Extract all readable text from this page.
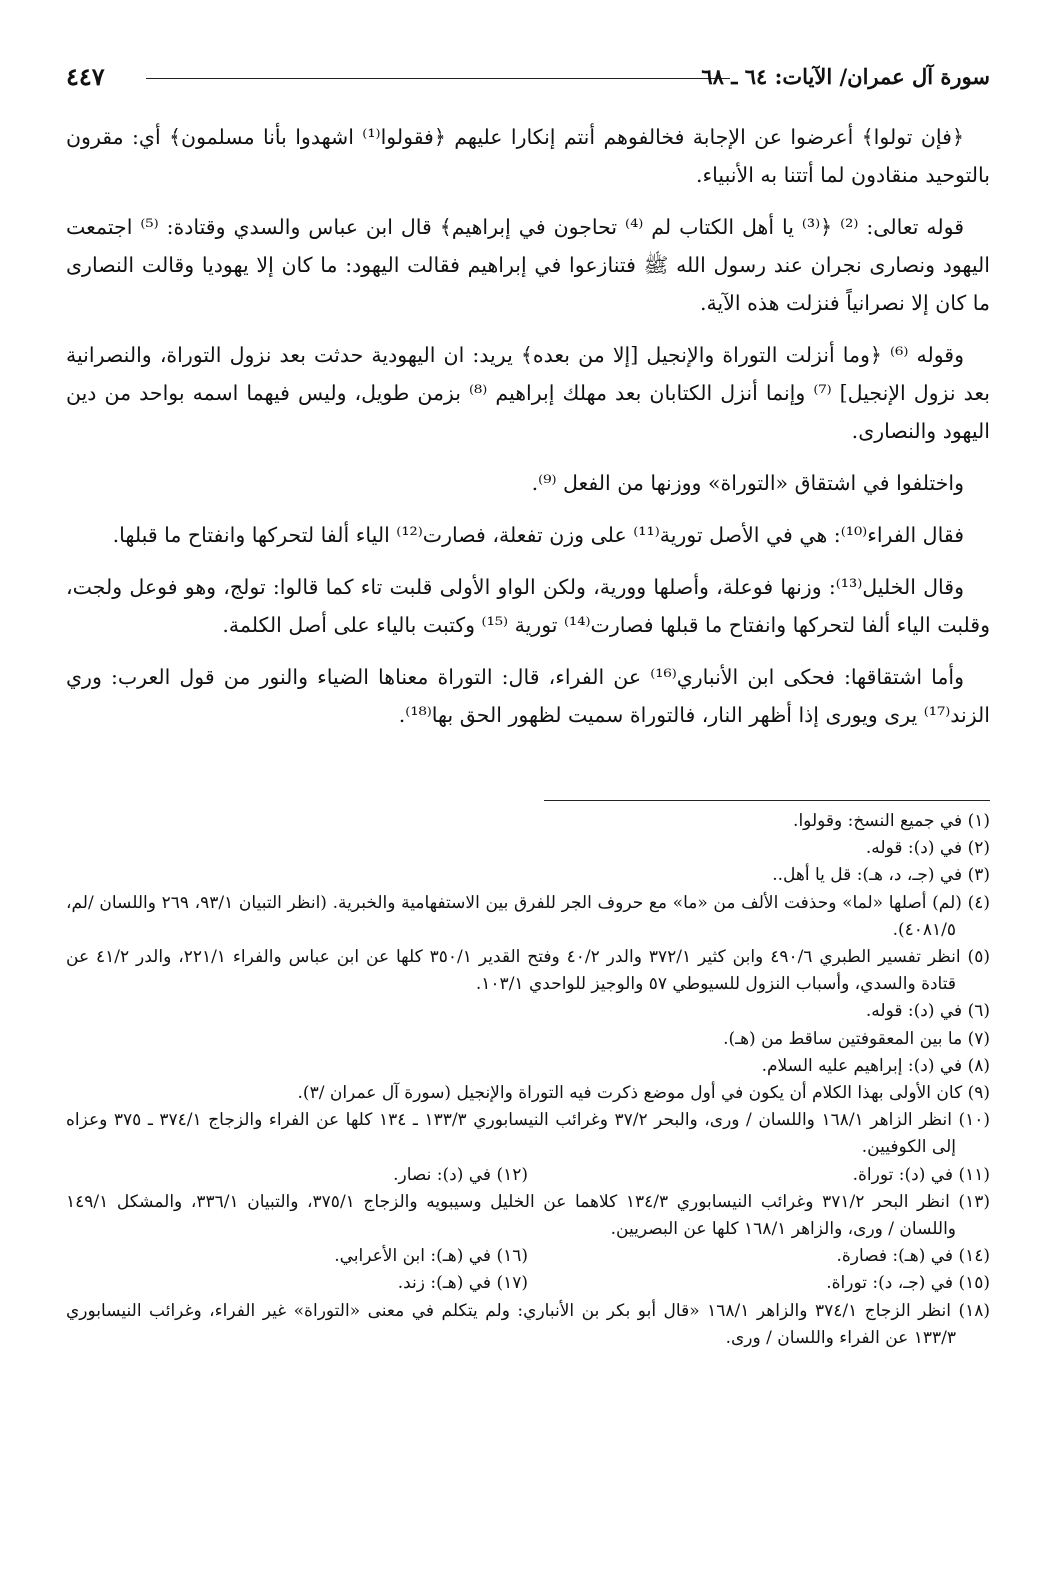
٤٤٧	سورة آل عمران/ الآيات: ٦٤ ـ ٦٨

﴿فإن تولوا﴾ أعرضوا عن الإجابة فخالفوهم أنتم إنكارا عليهم ﴿فقولوا⁽¹⁾ اشهدوا بأنا مسلمون﴾ أي: مقرون بالتوحيد منقادون لما أتتنا به الأنبياء.

قوله تعالى: ⁽²⁾ ﴿⁽³⁾ يا أهل الكتاب لم ⁽⁴⁾ تحاجون في إبراهيم﴾ قال ابن عباس والسدي وقتادة: ⁽⁵⁾ اجتمعت اليهود ونصارى نجران عند رسول الله ﷺ فتنازعوا في إبراهيم فقالت اليهود: ما كان إلا يهوديا وقالت النصارى ما كان إلا نصرانياً فنزلت هذه الآية.

وقوله ⁽⁶⁾ ﴿وما أنزلت التوراة والإنجيل [إلا من بعده﴾ يريد: ان اليهودية حدثت بعد نزول التوراة، والنصرانية بعد نزول الإنجيل] ⁽⁷⁾ وإنما أنزل الكتابان بعد مهلك إبراهيم ⁽⁸⁾ بزمن طويل، وليس فيهما اسمه بواحد من دين اليهود والنصارى.

واختلفوا في اشتقاق «التوراة» ووزنها من الفعل ⁽⁹⁾.

فقال الفراء⁽¹⁰⁾: هي في الأصل تورية⁽¹¹⁾ على وزن تفعلة، فصارت⁽¹²⁾ الياء ألفا لتحركها وانفتاح ما قبلها.

وقال الخليل⁽¹³⁾: وزنها فوعلة، وأصلها وورية، ولكن الواو الأولى قلبت تاء كما قالوا: تولج، وهو فوعل ولجت، وقلبت الياء ألفا لتحركها وانفتاح ما قبلها فصارت⁽¹⁴⁾ تورية ⁽¹⁵⁾ وكتبت بالياء على أصل الكلمة.

وأما اشتقاقها: فحكى ابن الأنباري⁽¹⁶⁾ عن الفراء، قال: التوراة معناها الضياء والنور من قول العرب: وري الزند⁽¹⁷⁾ يرى ويورى إذا أظهر النار، فالتوراة سميت لظهور الحق بها⁽¹⁸⁾.

(١) في جميع النسخ: وقولوا.

(٢) في (د): قوله.

(٣) في (جـ، د، هـ): قل يا أهل..

(٤) (لم) أصلها «لما» وحذفت الألف من «ما» مع حروف الجر للفرق بين الاستفهامية والخبرية. (انظر التبيان ٩٣/١، ٢٦٩ واللسان /لم، ٤٠٨١/٥).

(٥) انظر تفسير الطبري ٤٩٠/٦ وابن كثير ٣٧٢/١ والدر ٤٠/٢ وفتح القدير ٣٥٠/١ كلها عن ابن عباس والفراء ٢٢١/١، والدر ٤١/٢ عن قتادة والسدي، وأسباب النزول للسيوطي ٥٧ والوجيز للواحدي ١٠٣/١.

(٦) في (د): قوله.

(٧) ما بين المعقوفتين ساقط من (هـ).

(٨) في (د): إبراهيم عليه السلام.

(٩) كان الأولى بهذا الكلام أن يكون في أول موضع ذكرت فيه التوراة والإنجيل (سورة آل عمران /٣).

(١٠) انظر الزاهر ١٦٨/١ واللسان / ورى، والبحر ٣٧/٢ وغرائب النيسابوري ١٣٣/٣ ـ ١٣٤ كلها عن الفراء والزجاج ٣٧٤/١ ـ ٣٧٥ وعزاه إلى الكوفيين.

(١١) في (د): توراة.

(١٢) في (د): نصار.

(١٣) انظر البحر ٣٧١/٢ وغرائب النيسابوري ١٣٤/٣ كلاهما عن الخليل وسيبويه والزجاج ٣٧٥/١، والتبيان ٣٣٦/١، والمشكل ١٤٩/١ واللسان / ورى، والزاهر ١٦٨/١ كلها عن البصريين.

(١٤) في (هـ): فصارة.

(١٦) في (هـ): ابن الأعرابي.

(١٥) في (جـ، د): توراة.

(١٧) في (هـ): زند.

(١٨) انظر الزجاج ٣٧٤/١ والزاهر ١٦٨/١ «قال أبو بكر بن الأنباري: ولم يتكلم في معنى «التوراة» غير الفراء، وغرائب النيسابوري ١٣٣/٣ عن الفراء واللسان / ورى.
